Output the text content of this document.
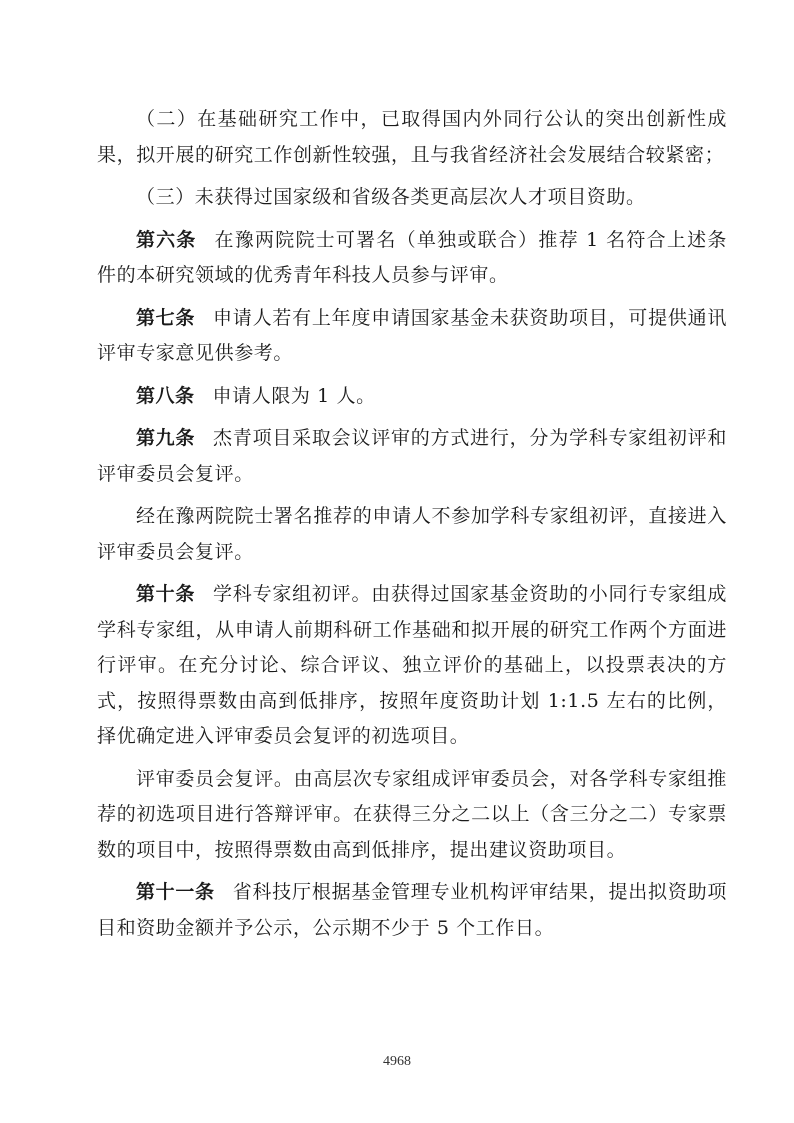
（二）在基础研究工作中，已取得国内外同行公认的突出创新性成果，拟开展的研究工作创新性较强，且与我省经济社会发展结合较紧密；

（三）未获得过国家级和省级各类更高层次人才项目资助。

第六条 在豫两院院士可署名（单独或联合）推荐 1 名符合上述条件的本研究领域的优秀青年科技人员参与评审。

第七条 申请人若有上年度申请国家基金未获资助项目，可提供通讯评审专家意见供参考。

第八条 申请人限为 1 人。

第九条 杰青项目采取会议评审的方式进行，分为学科专家组初评和评审委员会复评。

经在豫两院院士署名推荐的申请人不参加学科专家组初评，直接进入评审委员会复评。

第十条 学科专家组初评。由获得过国家基金资助的小同行专家组成学科专家组，从申请人前期科研工作基础和拟开展的研究工作两个方面进行评审。在充分讨论、综合评议、独立评价的基础上，以投票表决的方式，按照得票数由高到低排序，按照年度资助计划 1:1.5 左右的比例，择优确定进入评审委员会复评的初选项目。

评审委员会复评。由高层次专家组成评审委员会，对各学科专家组推荐的初选项目进行答辩评审。在获得三分之二以上（含三分之二）专家票数的项目中，按照得票数由高到低排序，提出建议资助项目。

第十一条 省科技厅根据基金管理专业机构评审结果，提出拟资助项目和资助金额并予公示，公示期不少于 5 个工作日。

4968
